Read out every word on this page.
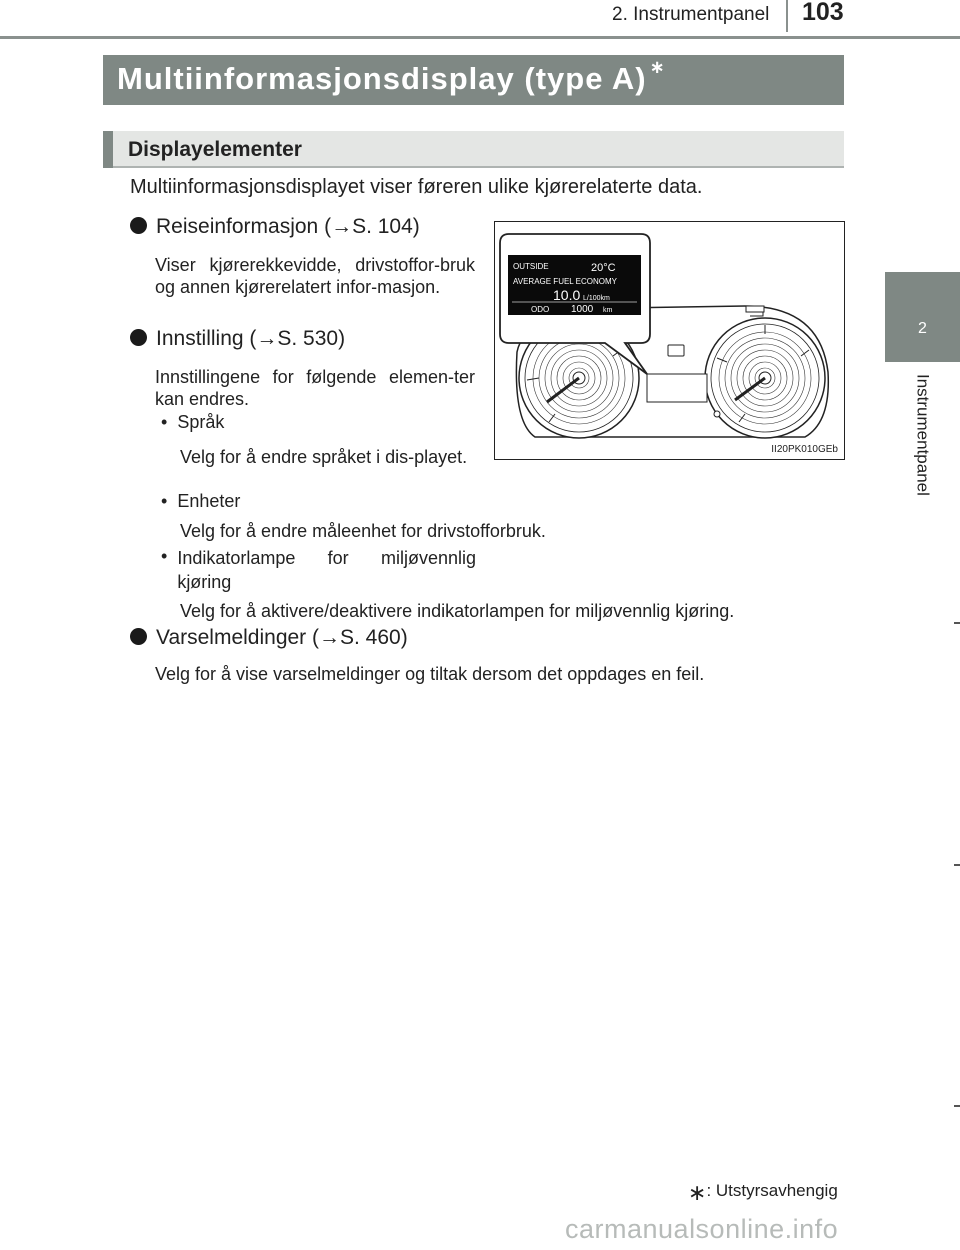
2. Instrumentpanel 103
2
Instrumentpanel
Multiinformasjonsdisplay (type A) ∗
Displayelementer
Multiinformasjonsdisplayet viser føreren ulike kjørerelaterte data.
Reiseinformasjon (→S. 104)
Viser kjørerekkevidde, drivstoffor-bruk og annen kjørerelatert infor-masjon.
Innstilling (→S. 530)
Innstillingene for følgende elemen-ter kan endres.
•  Språk
Velg for å endre språket i dis-playet.
•  Enheter
Velg for å endre måleenhet for drivstofforbruk.
• Indikatorlampe for miljøvennlig kjøring
Velg for å aktivere/deaktivere indikatorlampen for miljøvennlig kjøring.
Varselmeldinger (→S. 460)
Velg for å vise varselmeldinger og tiltak dersom det oppdages en feil.
OUTSIDE	20°C
AVERAGE FUEL ECONOMY
10.0 L/100km
ODO 1000 km
II20PK010GEb
∗: Utstyrsavhengig
carmanualsonline.info
